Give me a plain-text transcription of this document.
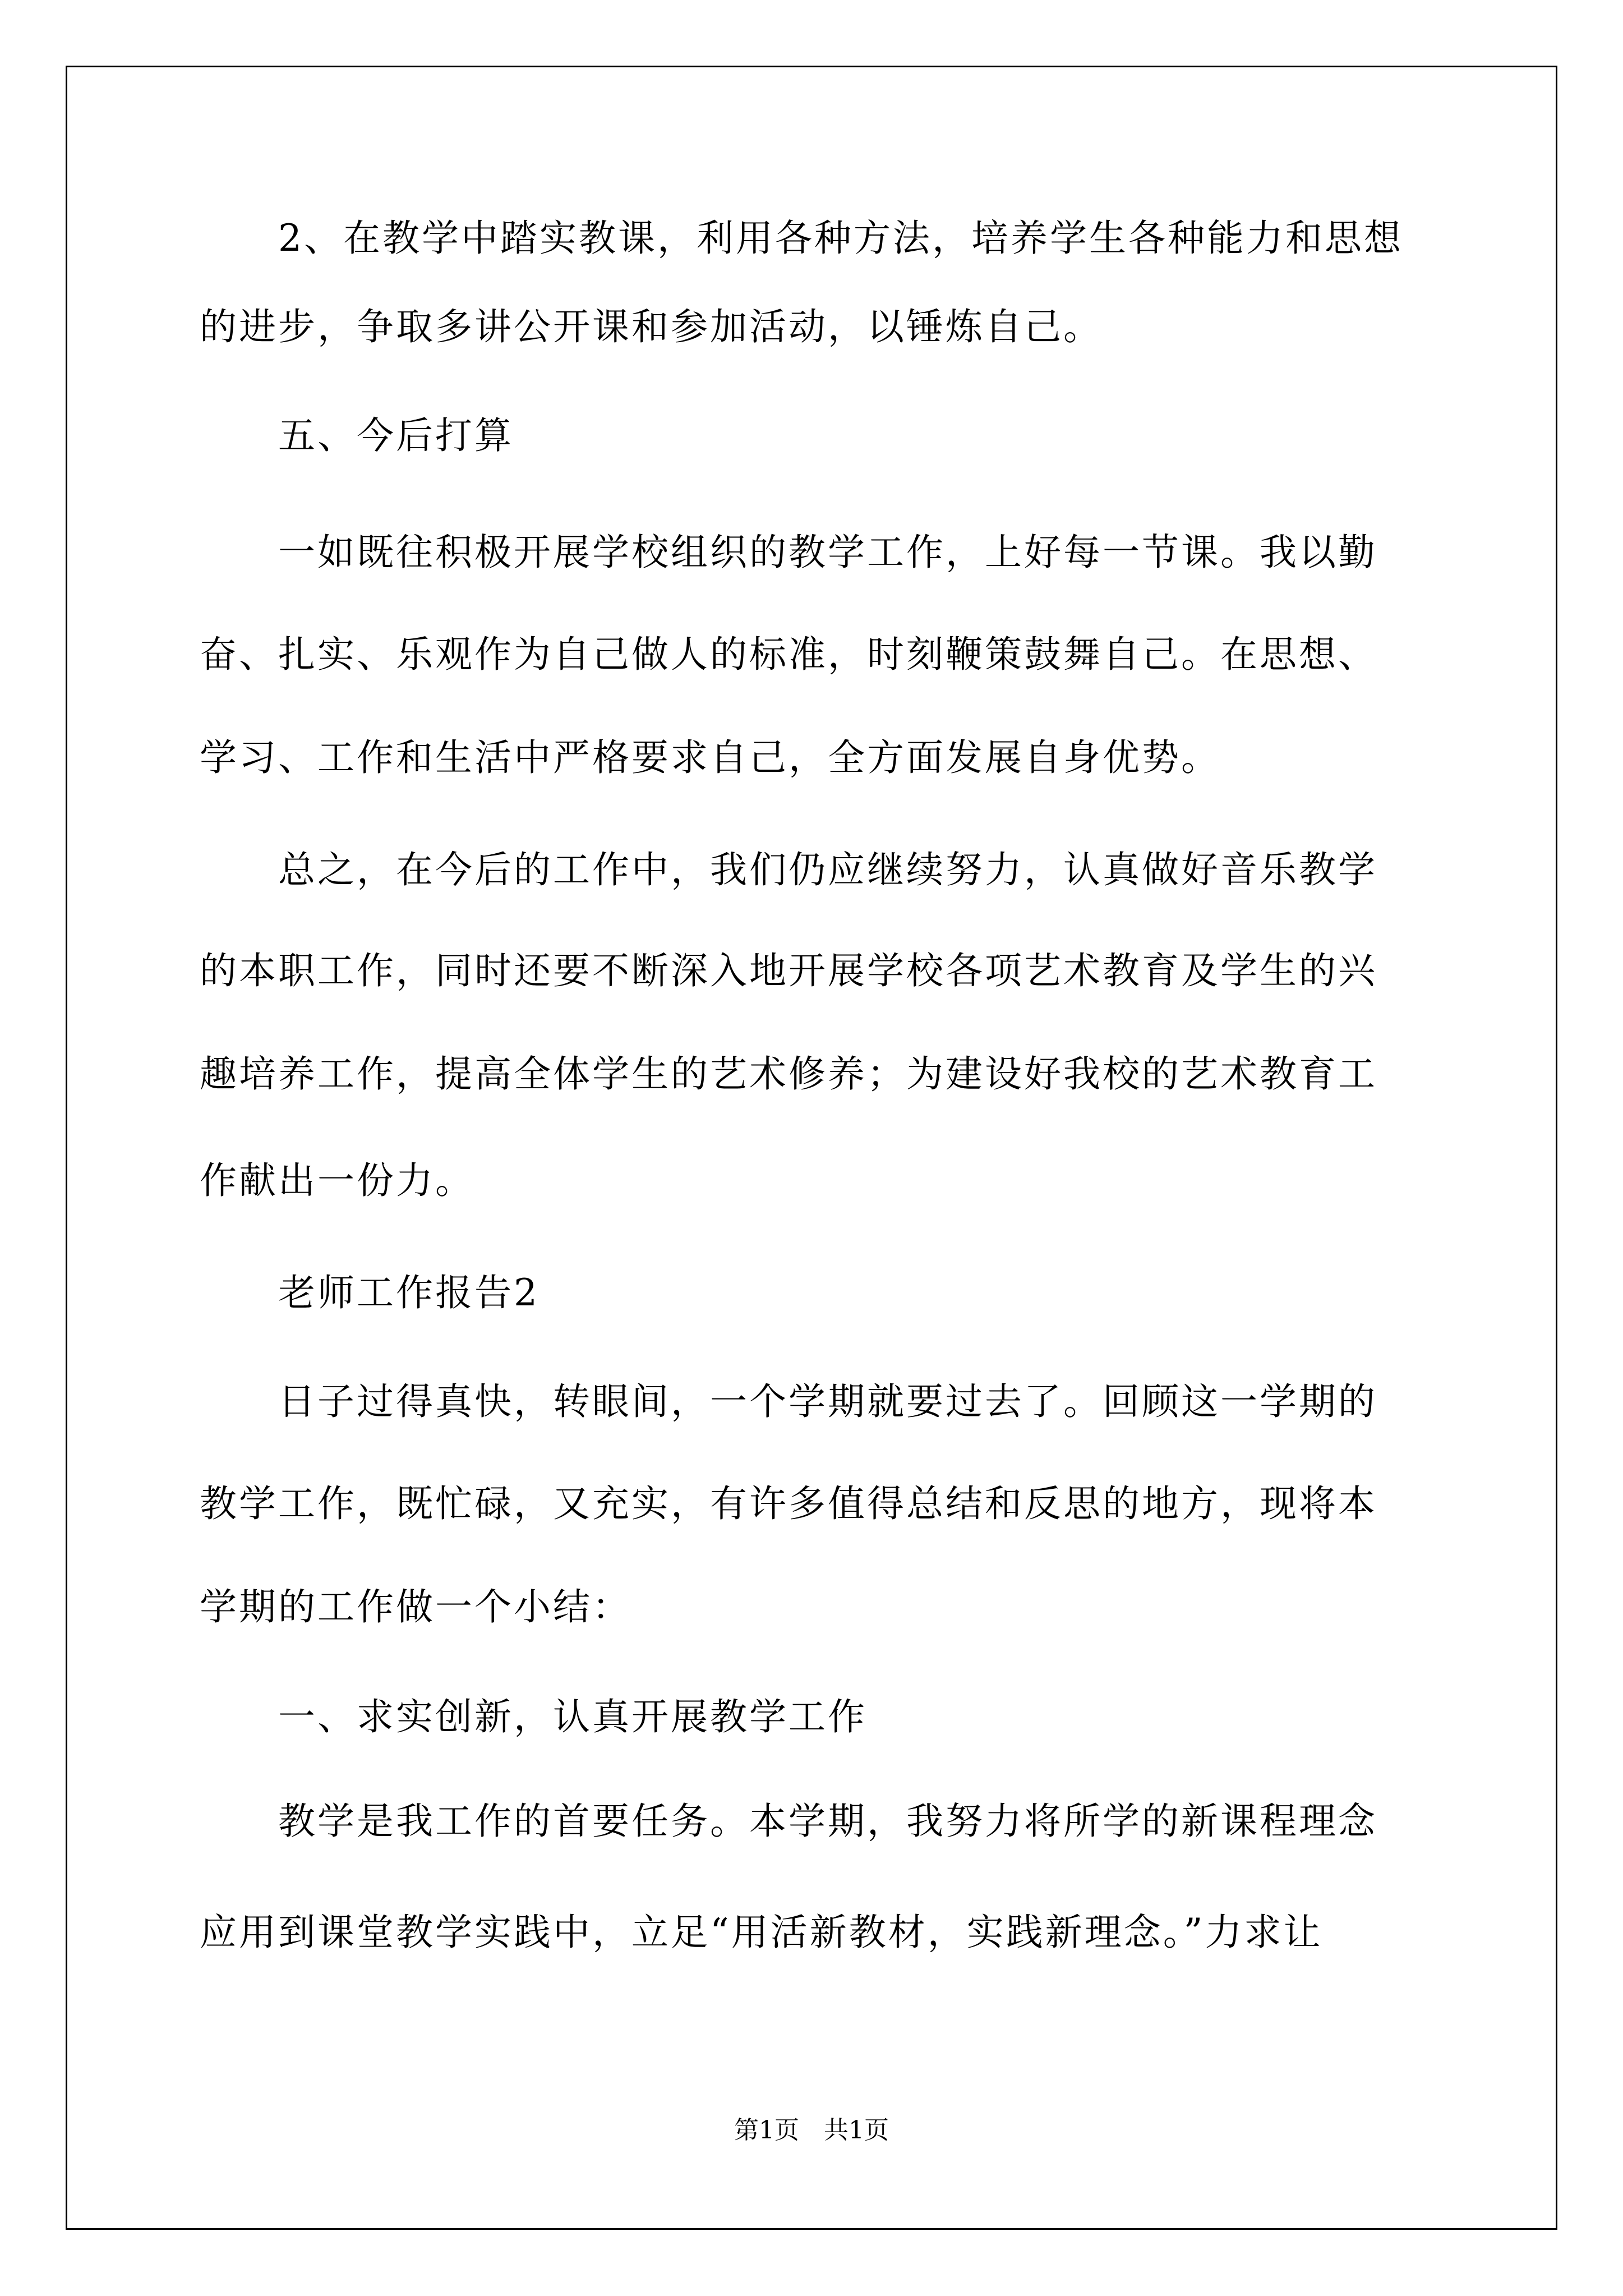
　　2、在教学中踏实教课，利用各种方法，培养学生各种能力和思想
的进步，争取多讲公开课和参加活动，以锤炼自己。
　　五、今后打算
　　一如既往积极开展学校组织的教学工作，上好每一节课。我以勤
奋、扎实、乐观作为自己做人的标准，时刻鞭策鼓舞自己。在思想、
学习、工作和生活中严格要求自己，全方面发展自身优势。
　　总之，在今后的工作中，我们仍应继续努力，认真做好音乐教学
的本职工作，同时还要不断深入地开展学校各项艺术教育及学生的兴
趣培养工作，提高全体学生的艺术修养；为建设好我校的艺术教育工
作献出一份力。
　　老师工作报告2
　　日子过得真快，转眼间，一个学期就要过去了。回顾这一学期的
教学工作，既忙碌，又充实，有许多值得总结和反思的地方，现将本
学期的工作做一个小结：
　　一、求实创新，认真开展教学工作
　　教学是我工作的首要任务。本学期，我努力将所学的新课程理念
应用到课堂教学实践中，立足“用活新教材，实践新理念。”力求让
第1页　共1页
